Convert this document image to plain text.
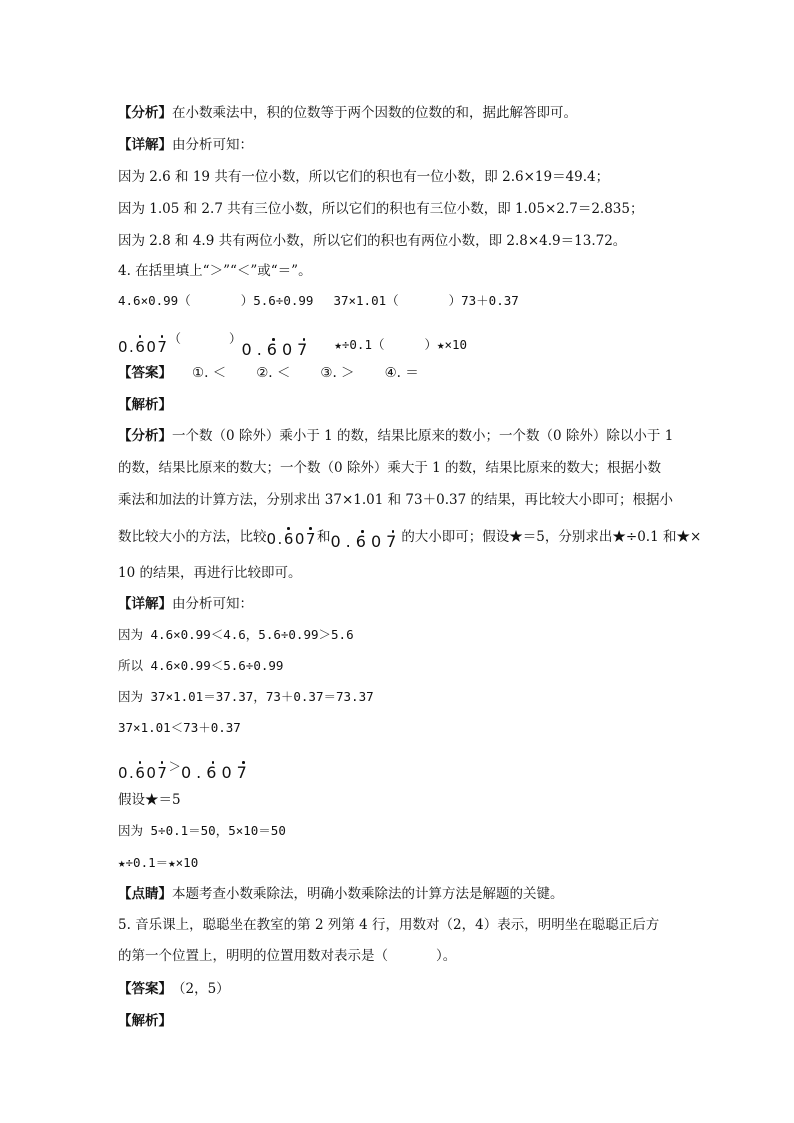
【分析】在小数乘法中，积的位数等于两个因数的位数的和，据此解答即可。
【详解】由分析可知：
因为 2.6 和 19 共有一位小数，所以它们的积也有一位小数，即 2.6×19＝49.4；
因为 1.05 和 2.7 共有三位小数，所以它们的积也有三位小数，即 1.05×2.7＝2.835；
因为 2.8 和 4.9 共有两位小数，所以它们的积也有两位小数，即 2.8×4.9＝13.72。
4. 在括里填上“＞”“＜”或“＝”。
4.6×0.99（	）5.6÷0.99 37×1.01（	）73＋0.37
0.607（	）0.607 ★÷0.1（	）★×10
【答案】 ①. ＜ ②. ＜ ③. ＞ ④. ＝
【解析】
【分析】一个数（0 除外）乘小于 1 的数，结果比原来的数小；一个数（0 除外）除以小于 1
的数，结果比原来的数大；一个数（0 除外）乘大于 1 的数，结果比原来的数大；根据小数
乘法和加法的计算方法，分别求出 37×1.01 和 73＋0.37 的结果，再比较大小即可；根据小
数比较大小的方法，比较0.607和0.607的大小即可；假设★＝5，分别求出★÷0.1 和★×
10 的结果，再进行比较即可。
【详解】由分析可知：
因为 4.6×0.99＜4.6，5.6÷0.99＞5.6
所以 4.6×0.99＜5.6÷0.99
因为 37×1.01＝37.37，73＋0.37＝73.37
37×1.01＜73＋0.37
0.607＞0.607
假设★＝5
因为 5÷0.1＝50，5×10＝50
★÷0.1＝★×10
【点睛】本题考查小数乘除法，明确小数乘除法的计算方法是解题的关键。
5. 音乐课上，聪聪坐在教室的第 2 列第 4 行，用数对（2，4）表示，明明坐在聪聪正后方
的第一个位置上，明明的位置用数对表示是（	）。
【答案】（2，5）
【解析】
